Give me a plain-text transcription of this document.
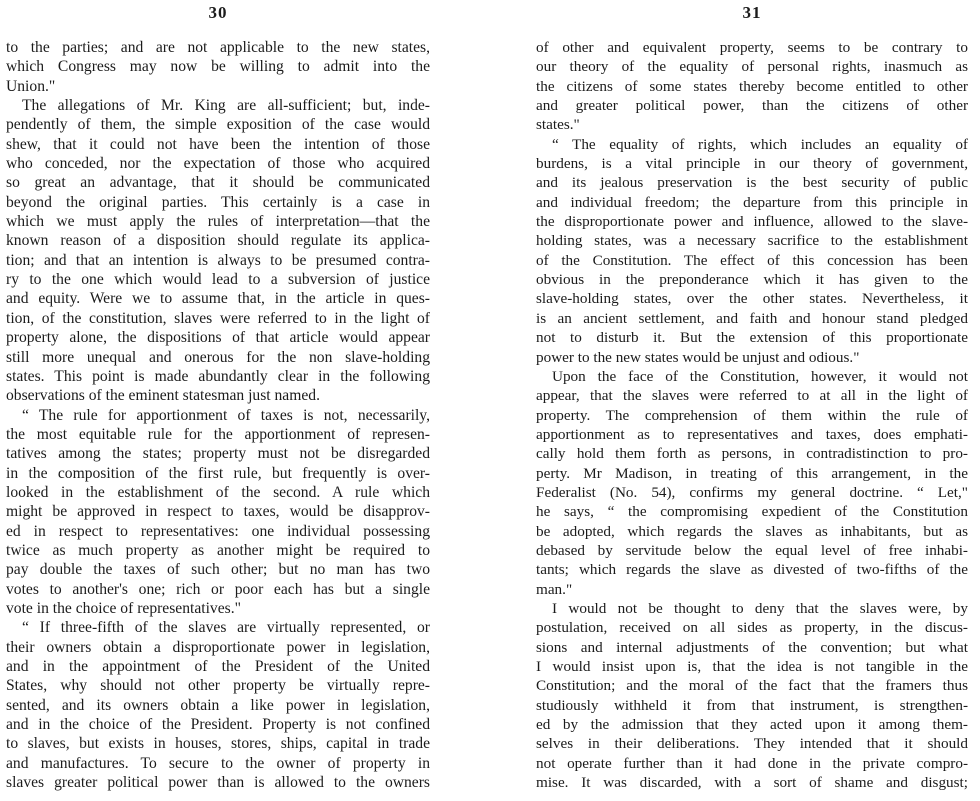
30
to the parties; and are not applicable to the new states,
which Congress may now be willing to admit into the
Union."
The allegations of Mr. King are all-sufficient; but, inde-
pendently of them, the simple exposition of the case would
shew, that it could not have been the intention of those
who conceded, nor the expectation of those who acquired
so great an advantage, that it should be communicated
beyond the original parties. This certainly is a case in
which we must apply the rules of interpretation—that the
known reason of a disposition should regulate its applica-
tion; and that an intention is always to be presumed contra-
ry to the one which would lead to a subversion of justice
and equity. Were we to assume that, in the article in ques-
tion, of the constitution, slaves were referred to in the light of
property alone, the dispositions of that article would appear
still more unequal and onerous for the non slave-holding
states. This point is made abundantly clear in the following
observations of the eminent statesman just named.
“ The rule for apportionment of taxes is not, necessarily,
the most equitable rule for the apportionment of represen-
tatives among the states; property must not be disregarded
in the composition of the first rule, but frequently is over-
looked in the establishment of the second. A rule which
might be approved in respect to taxes, would be disapprov-
ed in respect to representatives: one individual possessing
twice as much property as another might be required to
pay double the taxes of such other; but no man has two
votes to another's one; rich or poor each has but a single
vote in the choice of representatives."
“ If three-fifth of the slaves are virtually represented, or
their owners obtain a disproportionate power in legislation,
and in the appointment of the President of the United
States, why should not other property be virtually repre-
sented, and its owners obtain a like power in legislation,
and in the choice of the President. Property is not confined
to slaves, but exists in houses, stores, ships, capital in trade
and manufactures. To secure to the owner of property in
slaves greater political power than is allowed to the owners
31
of other and equivalent property, seems to be contrary to
our theory of the equality of personal rights, inasmuch as
the citizens of some states thereby become entitled to other
and greater political power, than the citizens of other
states."
“ The equality of rights, which includes an equality of
burdens, is a vital principle in our theory of government,
and its jealous preservation is the best security of public
and individual freedom; the departure from this principle in
the disproportionate power and influence, allowed to the slave-
holding states, was a necessary sacrifice to the establishment
of the Constitution. The effect of this concession has been
obvious in the preponderance which it has given to the
slave-holding states, over the other states. Nevertheless, it
is an ancient settlement, and faith and honour stand pledged
not to disturb it. But the extension of this proportionate
power to the new states would be unjust and odious."
Upon the face of the Constitution, however, it would not
appear, that the slaves were referred to at all in the light of
property. The comprehension of them within the rule of
apportionment as to representatives and taxes, does emphati-
cally hold them forth as persons, in contradistinction to pro-
perty. Mr Madison, in treating of this arrangement, in the
Federalist (No. 54), confirms my general doctrine. “ Let,"
he says, “ the compromising expedient of the Constitution
be adopted, which regards the slaves as inhabitants, but as
debased by servitude below the equal level of free inhabi-
tants; which regards the slave as divested of two-fifths of the
man."
I would not be thought to deny that the slaves were, by
postulation, received on all sides as property, in the discus-
sions and internal adjustments of the convention; but what
I would insist upon is, that the idea is not tangible in the
Constitution; and the moral of the fact that the framers thus
studiously withheld it from that instrument, is strengthen-
ed by the admission that they acted upon it among them-
selves in their deliberations. They intended that it should
not operate further than it had done in the private compro-
mise. It was discarded, with a sort of shame and disgust;
